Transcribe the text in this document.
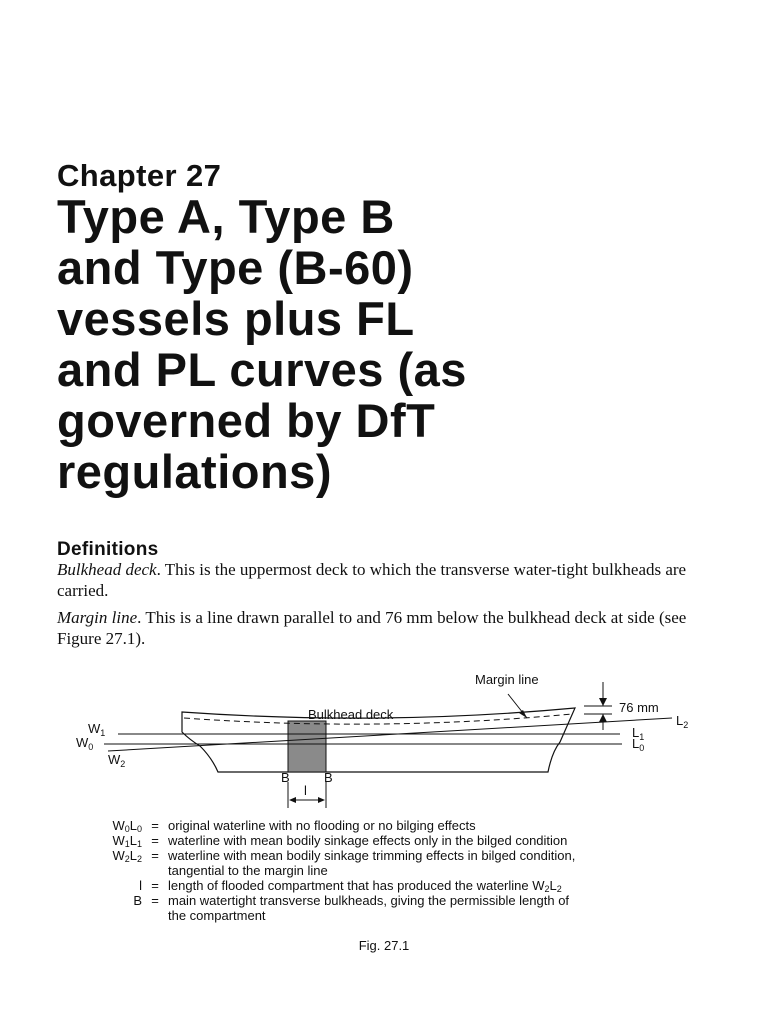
Chapter 27
Type A, Type B
and Type (B-60)
vessels plus FL
and PL curves (as
governed by DfT
regulations)
Definitions

Bulkhead deck. This is the uppermost deck to which the transverse water-tight bulkheads are carried.

Margin line. This is a line drawn parallel to and 76 mm below the bulkhead deck at side (see Figure 27.1).

Margin line
76 mm
Bulkhead deck
$W_1$
$W_0$
$W_2$
$L_2$
$L_1$
$L_0$
B	B
l
$W_0L_0$ = original waterline with no flooding or no bilging effects
$W_1L_1$ = waterline with mean bodily sinkage effects only in the bilged condition
$W_2L_2$ = waterline with mean bodily sinkage trimming effects in bilged condition,
tangential to the margin line
l = length of flooded compartment that has produced the waterline $W_2L_2$
B = main watertight transverse bulkheads, giving the permissible length of
the compartment
Fig. 27.1
